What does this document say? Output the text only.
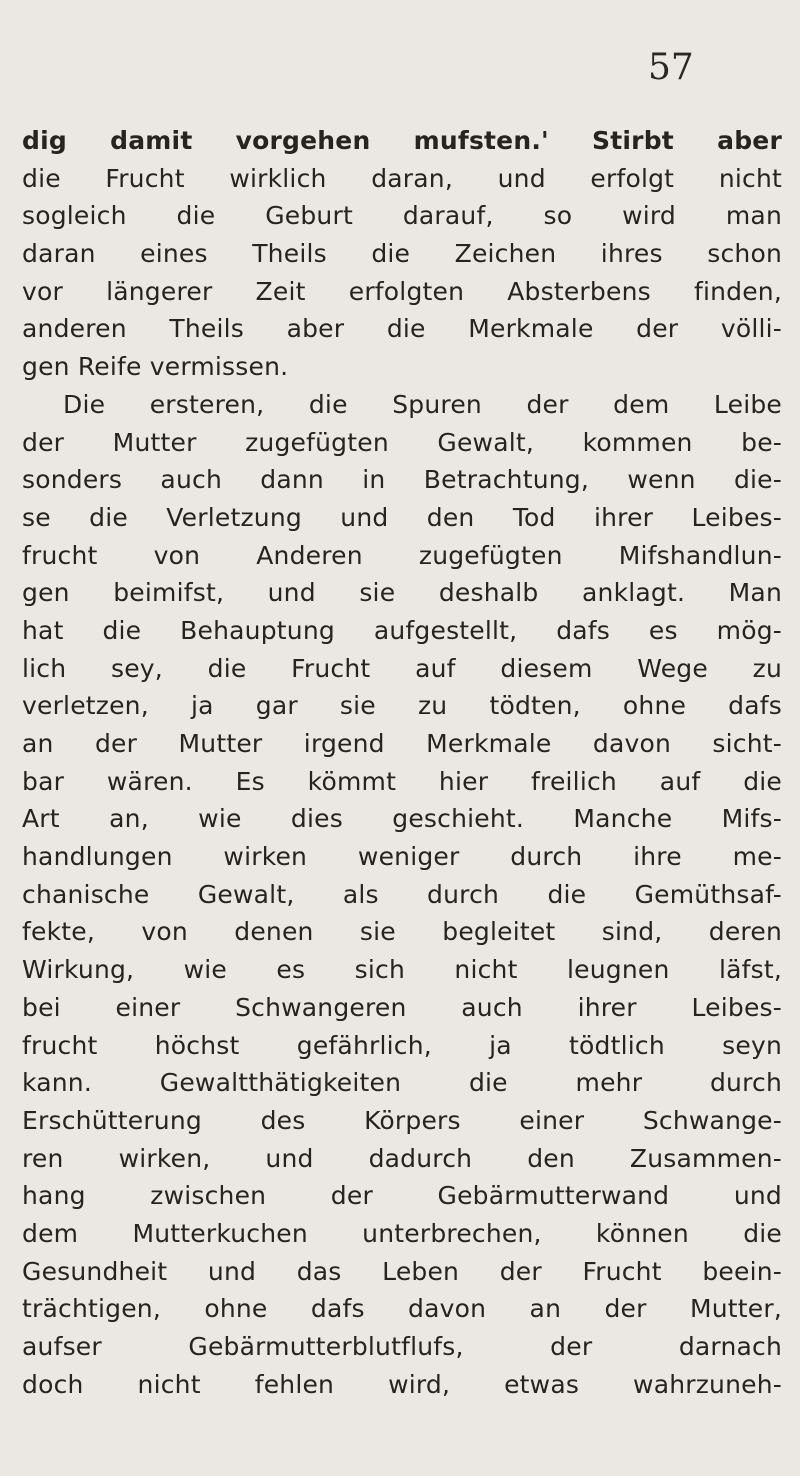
57
dig damit vorgehen mufsten.' Stirbt aber
die Frucht wirklich daran, und erfolgt nicht
sogleich die Geburt darauf, so wird man
daran eines Theils die Zeichen ihres schon
vor längerer Zeit erfolgten Absterbens finden,
anderen Theils aber die Merkmale der völli-
gen Reife vermissen.
Die ersteren, die Spuren der dem Leibe
der Mutter zugefügten Gewalt, kommen be-
sonders auch dann in Betrachtung, wenn die-
se die Verletzung und den Tod ihrer Leibes-
frucht von Anderen zugefügten Mifshandlun-
gen beimifst, und sie deshalb anklagt. Man
hat die Behauptung aufgestellt, dafs es mög-
lich sey, die Frucht auf diesem Wege zu
verletzen, ja gar sie zu tödten, ohne dafs
an der Mutter irgend Merkmale davon sicht-
bar wären. Es kömmt hier freilich auf die
Art an, wie dies geschieht. Manche Mifs-
handlungen wirken weniger durch ihre me-
chanische Gewalt, als durch die Gemüthsaf-
fekte, von denen sie begleitet sind, deren
Wirkung, wie es sich nicht leugnen läfst,
bei einer Schwangeren auch ihrer Leibes-
frucht höchst gefährlich, ja tödtlich seyn
kann. Gewaltthätigkeiten die mehr durch
Erschütterung des Körpers einer Schwange-
ren wirken, und dadurch den Zusammen-
hang zwischen der Gebärmutterwand und
dem Mutterkuchen unterbrechen, können die
Gesundheit und das Leben der Frucht beein-
trächtigen, ohne dafs davon an der Mutter,
aufser Gebärmutterblutflufs, der darnach
doch nicht fehlen wird, etwas wahrzuneh-
